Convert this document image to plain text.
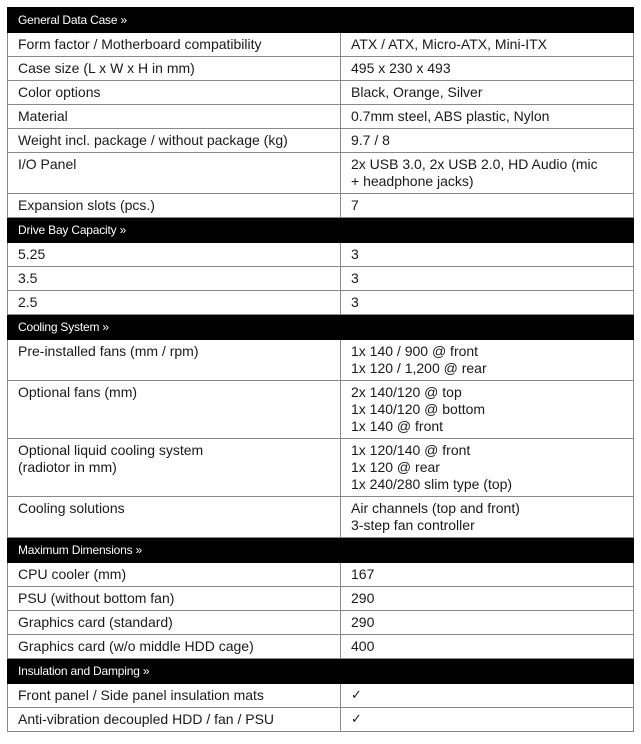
General Data Case »	

Form factor / Motherboard compatibility	ATX / ATX, Micro-ATX, Mini-ITX

Case size (L x W x H in mm)	495 x 230 x 493

Color options	Black, Orange, Silver

Material	0.7mm steel, ABS plastic, Nylon

Weight incl. package / without package (kg)	9.7 / 8

I/O Panel	2x USB 3.0, 2x USB 2.0, HD Audio (mic
+ headphone jacks)

Expansion slots (pcs.)	7

Drive Bay Capacity »	

5.25	3

3.5	3

2.5	3

Cooling System »	

Pre-installed fans (mm / rpm)	1x 140 / 900 @ front
1x 120 / 1,200 @ rear

Optional fans (mm)	2x 140/120 @ top
1x 140/120 @ bottom
1x 140 @ front

Optional liquid cooling system
(radiotor in mm)	1x 120/140 @ front
1x 120 @ rear
1x 240/280 slim type (top)

Cooling solutions	Air channels (top and front)
3-step fan controller

Maximum Dimensions »	

CPU cooler (mm)	167

PSU (without bottom fan)	290

Graphics card (standard)	290

Graphics card (w/o middle HDD cage)	400

Insulation and Damping »	

Front panel / Side panel insulation mats	✓

Anti-vibration decoupled HDD / fan / PSU	✓
